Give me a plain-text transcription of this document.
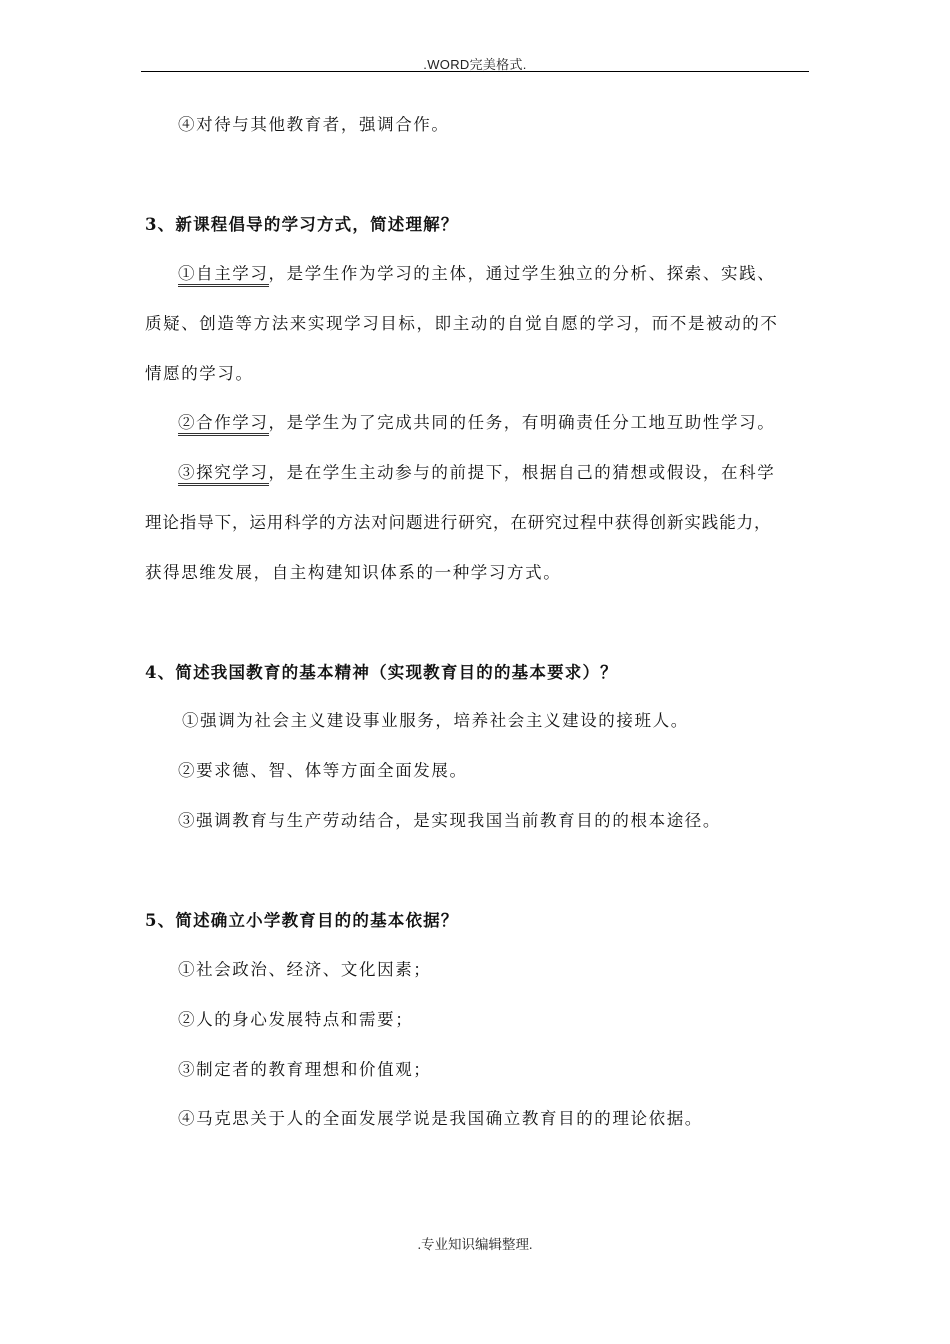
.WORD完美格式.
④对待与其他教育者，强调合作。
3、新课程倡导的学习方式，简述理解？
①自主学习，是学生作为学习的主体，通过学生独立的分析、探索、实践、
质疑、创造等方法来实现学习目标，即主动的自觉自愿的学习，而不是被动的不
情愿的学习。
②合作学习，是学生为了完成共同的任务，有明确责任分工地互助性学习。
③探究学习，是在学生主动参与的前提下，根据自己的猜想或假设，在科学
理论指导下，运用科学的方法对问题进行研究，在研究过程中获得创新实践能力，
获得思维发展，自主构建知识体系的一种学习方式。
4、简述我国教育的基本精神（实现教育目的的基本要求）？
①强调为社会主义建设事业服务，培养社会主义建设的接班人。
②要求德、智、体等方面全面发展。
③强调教育与生产劳动结合，是实现我国当前教育目的的根本途径。
5、简述确立小学教育目的的基本依据？
①社会政治、经济、文化因素；
②人的身心发展特点和需要；
③制定者的教育理想和价值观；
④马克思关于人的全面发展学说是我国确立教育目的的理论依据。
.专业知识编辑整理.
